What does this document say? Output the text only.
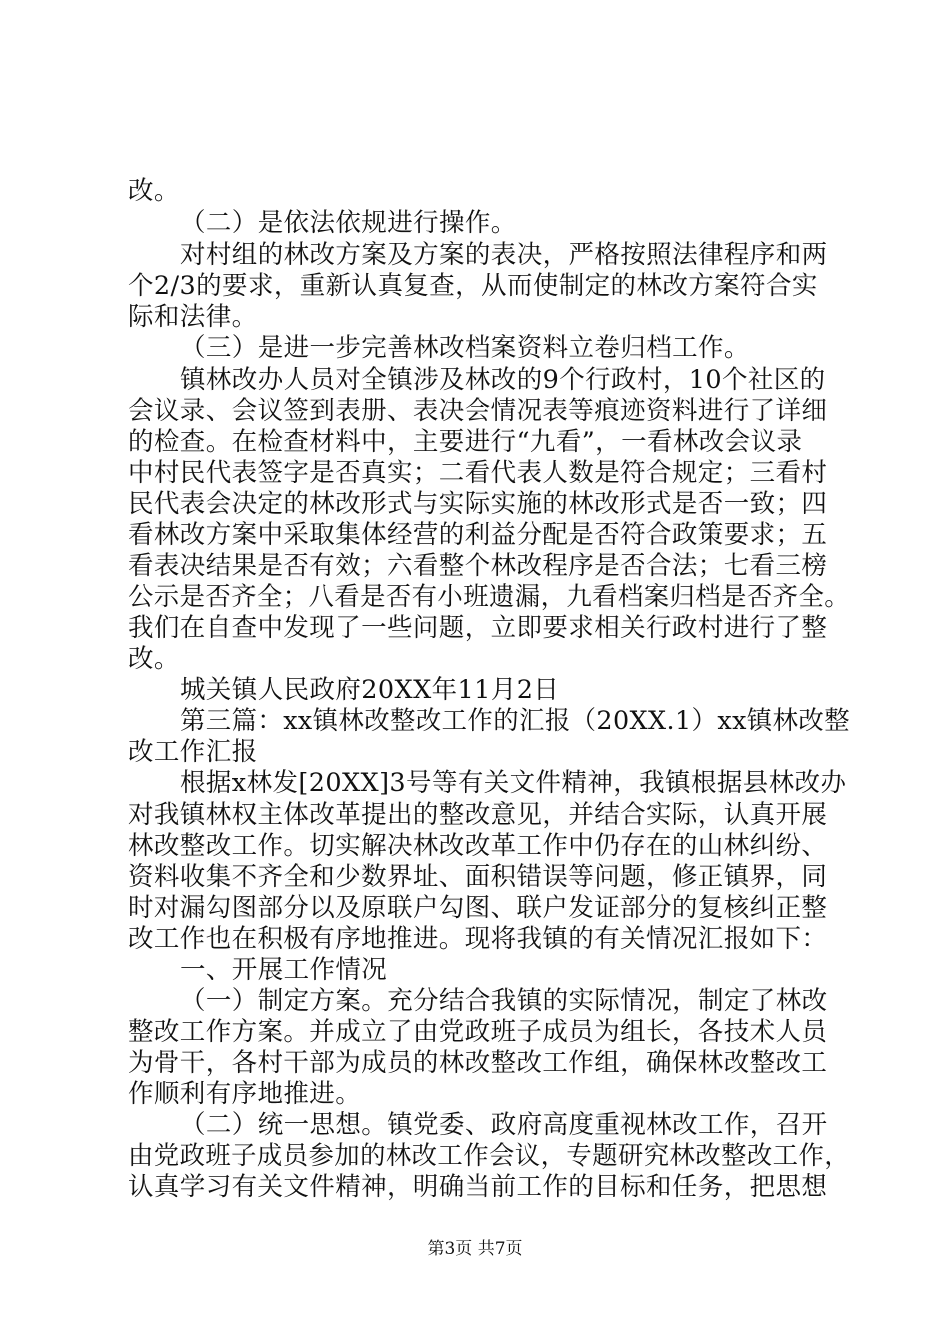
改。
（二）是依法依规进行操作。
对村组的林改方案及方案的表决，严格按照法律程序和两
个2/3的要求，重新认真复查，从而使制定的林改方案符合实
际和法律。
（三）是进一步完善林改档案资料立卷归档工作。
镇林改办人员对全镇涉及林改的9个行政村，10个社区的
会议录、会议签到表册、表决会情况表等痕迹资料进行了详细
的检查。在检查材料中，主要进行“九看”，一看林改会议录
中村民代表签字是否真实；二看代表人数是符合规定；三看村
民代表会决定的林改形式与实际实施的林改形式是否一致；四
看林改方案中采取集体经营的利益分配是否符合政策要求；五
看表决结果是否有效；六看整个林改程序是否合法；七看三榜
公示是否齐全；八看是否有小班遗漏，九看档案归档是否齐全。
我们在自查中发现了一些问题，立即要求相关行政村进行了整
改。
城关镇人民政府20XX年11月2日
第三篇：xx镇林改整改工作的汇报（20XX.1）xx镇林改整
改工作汇报
根据x林发[20XX]3号等有关文件精神，我镇根据县林改办
对我镇林权主体改革提出的整改意见，并结合实际，认真开展
林改整改工作。切实解决林改改革工作中仍存在的山林纠纷、
资料收集不齐全和少数界址、面积错误等问题，修正镇界，同
时对漏勾图部分以及原联户勾图、联户发证部分的复核纠正整
改工作也在积极有序地推进。现将我镇的有关情况汇报如下：
一、开展工作情况
（一）制定方案。充分结合我镇的实际情况，制定了林改
整改工作方案。并成立了由党政班子成员为组长，各技术人员
为骨干，各村干部为成员的林改整改工作组，确保林改整改工
作顺利有序地推进。
（二）统一思想。镇党委、政府高度重视林改工作，召开
由党政班子成员参加的林改工作会议，专题研究林改整改工作，
认真学习有关文件精神，明确当前工作的目标和任务，把思想
第3页 共7页
